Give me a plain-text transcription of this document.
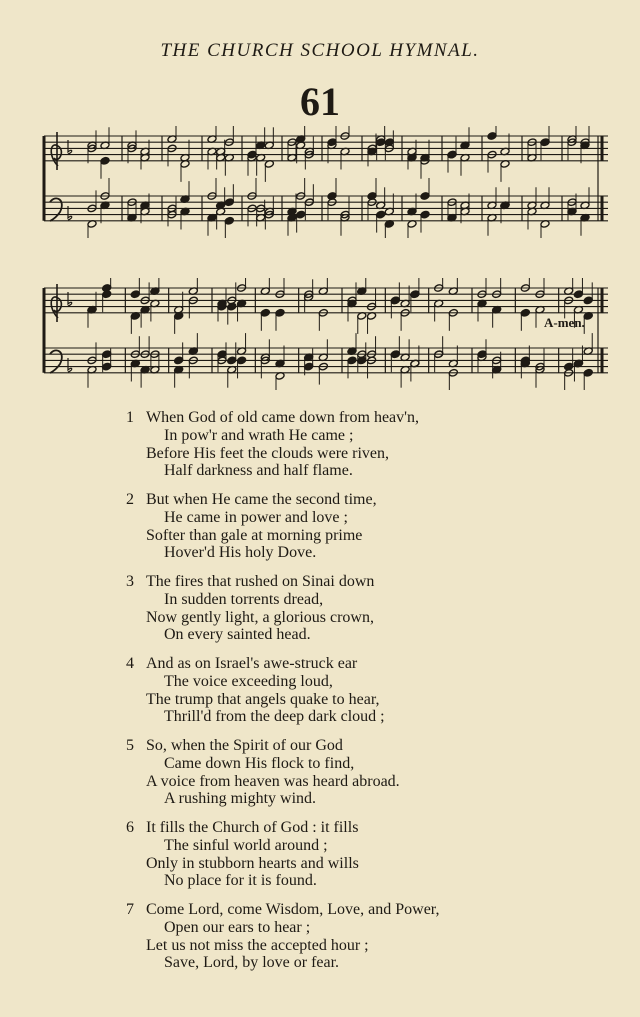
THE CHURCH SCHOOL HYMNAL.
61
A-men.
1 When God of old came down from heav'n,
In pow'r and wrath He came ;
Before His feet the clouds were riven,
Half darkness and half flame.
2 But when He came the second time,
He came in power and love ;
Softer than gale at morning prime
Hover'd His holy Dove.
3 The fires that rushed on Sinai down
In sudden torrents dread,
Now gently light, a glorious crown,
On every sainted head.
4 And as on Israel's awe-struck ear
The voice exceeding loud,
The trump that angels quake to hear,
Thrill'd from the deep dark cloud ;
5 So, when the Spirit of our God
Came down His flock to find,
A voice from heaven was heard abroad.
A rushing mighty wind.
6 It fills the Church of God : it fills
The sinful world around ;
Only in stubborn hearts and wills
No place for it is found.
7 Come Lord, come Wisdom, Love, and Power,
Open our ears to hear ;
Let us not miss the accepted hour ;
Save, Lord, by love or fear.
